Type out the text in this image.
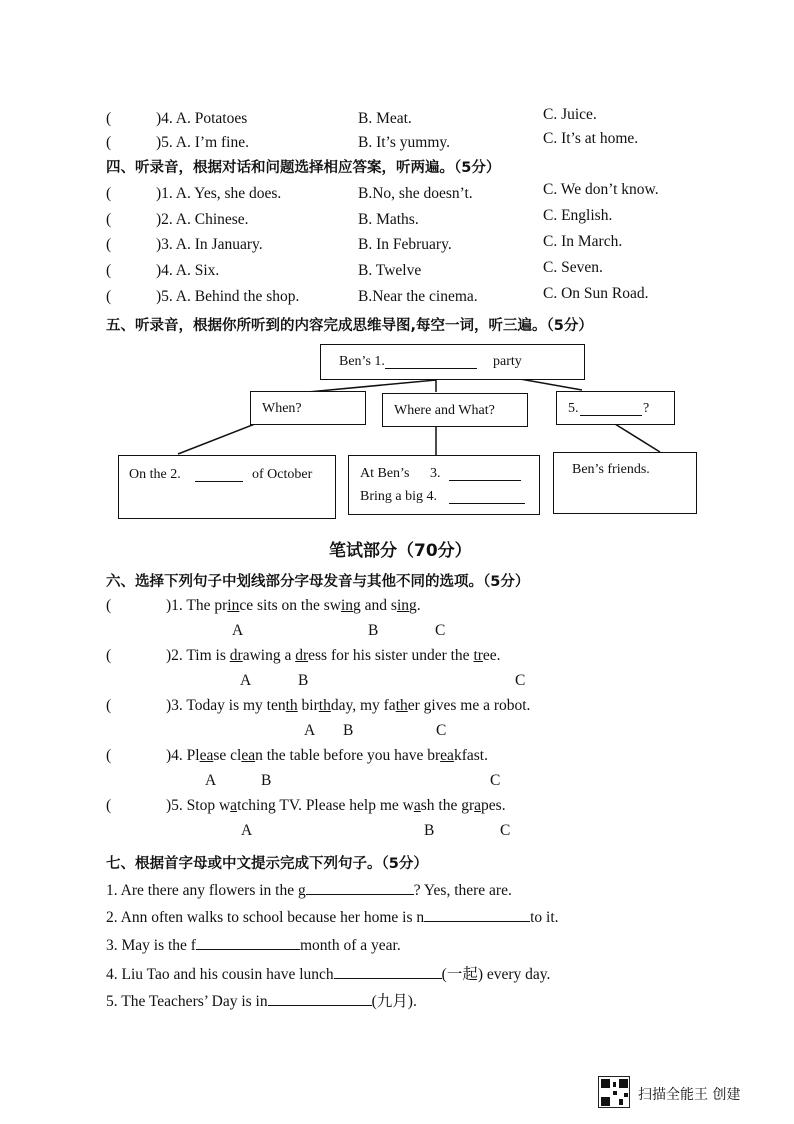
(	)4. A. Potatoes	B. Meat.	C. Juice.
(	)5. A. I’m fine.	B. It’s yummy.	C. It’s at home.
四、听录音，根据对话和问题选择相应答案，听两遍。（5分）
(	)1. A. Yes, she does.	B.No, she doesn’t.	C. We don’t know.
(	)2. A. Chinese.	B. Maths.	C. English.
(	)3. A. In January.	B. In February.	C. In March.
(	)4. A. Six.	B. Twelve	C. Seven.
(	)5. A. Behind the shop.	B.Near the cinema.	C. On Sun Road.
五、听录音，根据你所听到的内容完成思维导图,每空一词，听三遍。（5分）
Ben’s 1.	party
When?	Where and What?	5.	?
On the 2.	of October	At Ben’s 3.
Bring a big 4.
Ben’s friends.
笔试部分（70分）
六、选择下列句子中划线部分字母发音与其他不同的选项。（5分）
(	)1. The prince sits on the swing and sing.
A	B	C
(	)2. Tim is drawing a dress for his sister under the tree.
A	B	C
(	)3. Today is my tenth birthday, my father gives me a robot.
A B	C
(	)4. Please clean the table before you have breakfast.
A	B	C
(	)5. Stop watching TV. Please help me wash the grapes.
A	B	C
七、根据首字母或中文提示完成下列句子。（5分）
1. Are there any flowers in the g	? Yes, there are.
2. Ann often walks to school because her home is n	to it.
3. May is the f	month of a year.
4. Liu Tao and his cousin have lunch	(一起) every day.
5. The Teachers’ Day is in	(九月).
扫描全能王 创建
